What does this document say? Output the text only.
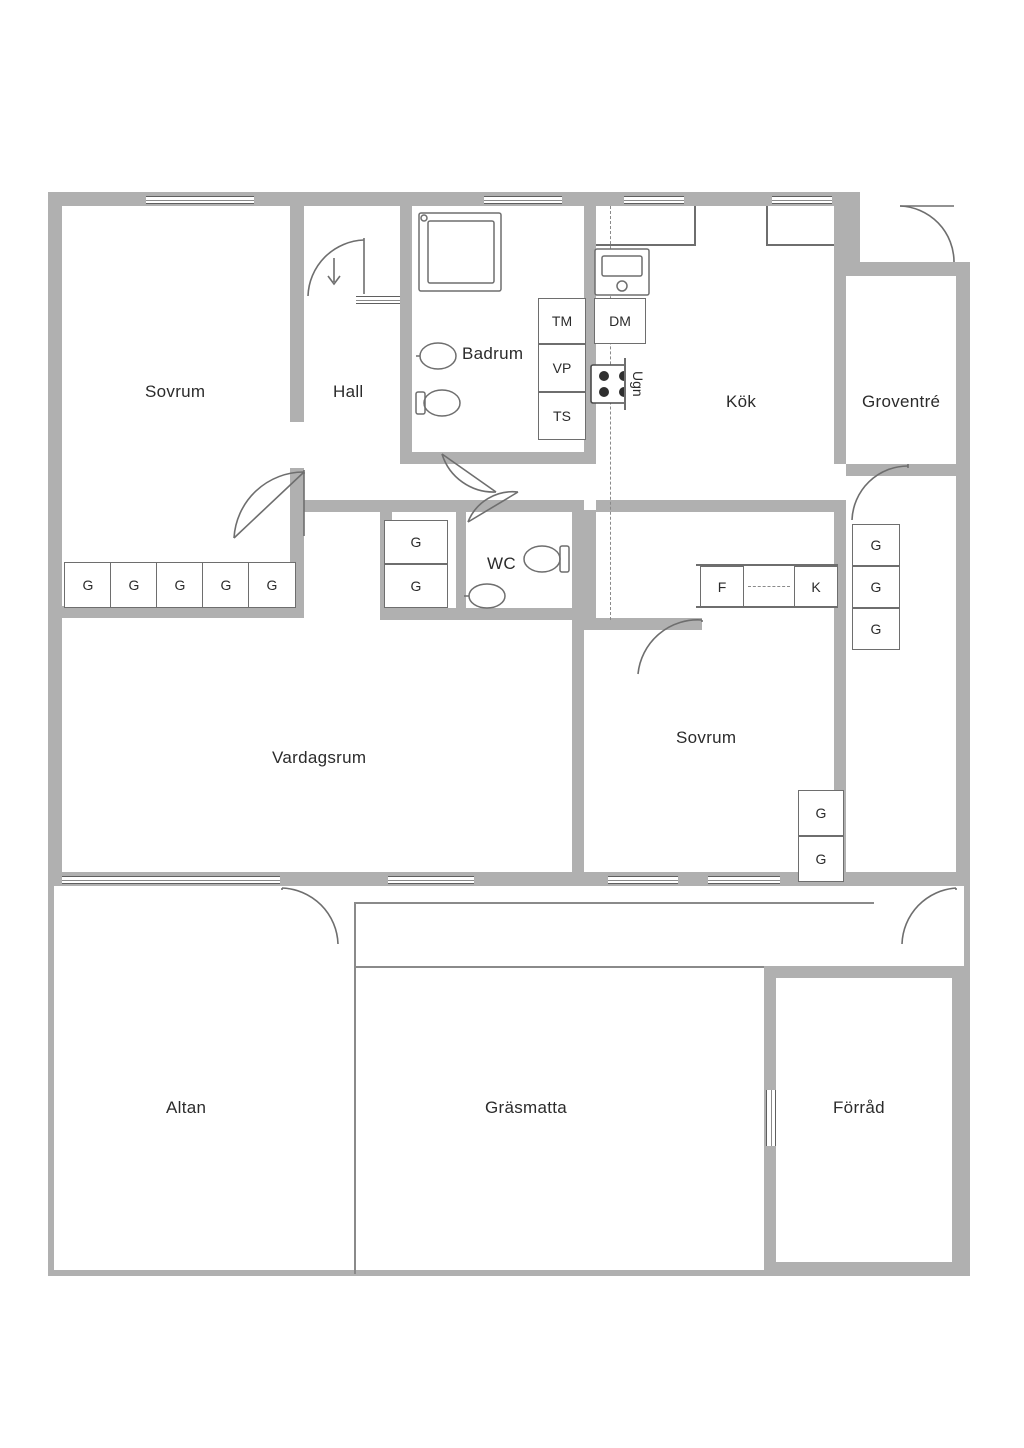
TM
VP
TS
DM
Ugn
F	K
G	G	G	G	G
G
G
G
G
G
G
G
Sovrum	Hall
Badrum
Kök	Groventré
WC
Vardagsrum
Sovrum
Altan	Gräsmatta	Förråd
